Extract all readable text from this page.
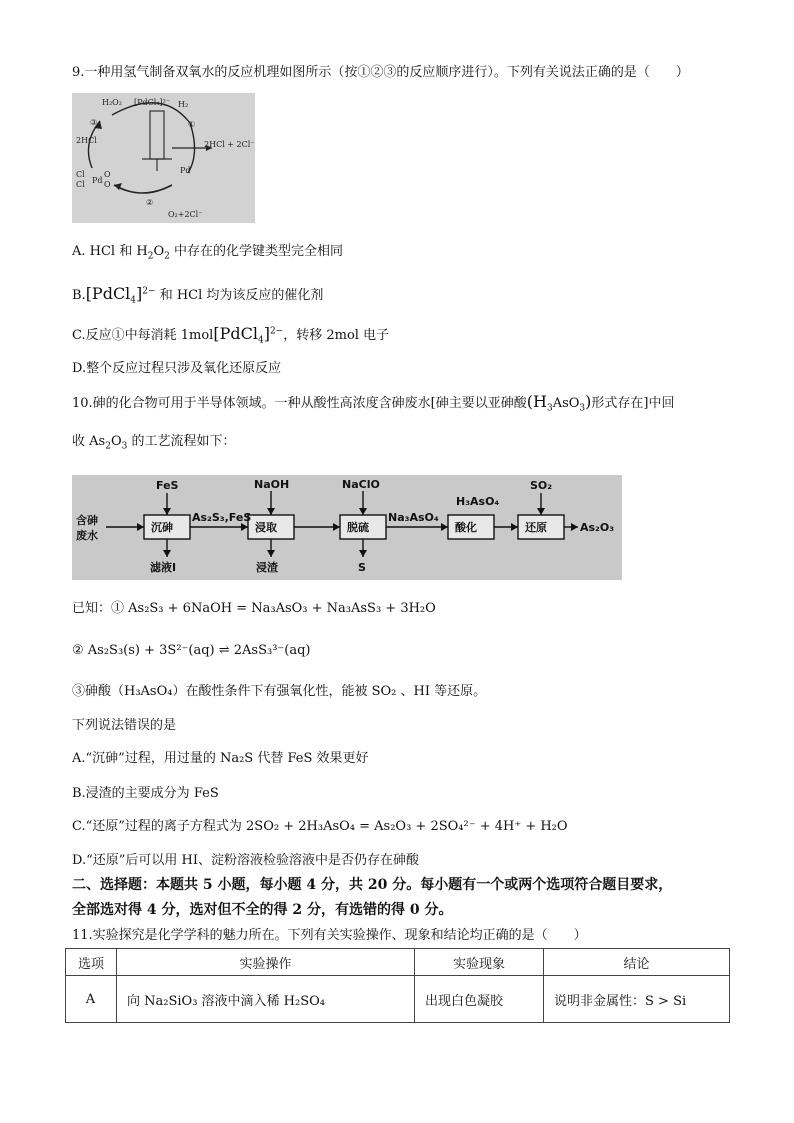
9.一种用氢气制备双氧水的反应机理如图所示（按①②③的反应顺序进行）。下列有关说法正确的是（　　）
H₂O₂ [PdCl₄]²⁻ H₂
③	①
2HCl	2HCl + 2Cl⁻
Pd
Cl
Cl Pd
O
O
②
O₂+2Cl⁻
A. HCl 和 $H_2O_2$ 中存在的化学键类型完全相同
B.[PdCl$_4$]$^{2-}$ 和 HCl 均为该反应的催化剂
C.反应①中每消耗 1mol[PdCl$_4$]$^{2-}$，转移 2mol 电子
D.整个反应过程只涉及氧化还原反应
10.砷的化合物可用于半导体领域。一种从酸性高浓度含砷废水[砷主要以亚砷酸$(H_3AsO_3)$形式存在]中回
收 $As_2O_3$ 的工艺流程如下：
含砷
废水
FeS
沉砷
As₂S₃,FeS
滤液Ⅰ
NaOH
浸取
浸渣
NaClO
脱硫
S
Na₃AsO₄
酸化
H₃AsO₄
SO₂
还原	As₂O₃
已知：① As₂S₃ + 6NaOH = Na₃AsO₃ + Na₃AsS₃ + 3H₂O
② As₂S₃(s) + 3S²⁻(aq) ⇌ 2AsS₃³⁻(aq)
③砷酸（H₃AsO₄）在酸性条件下有强氧化性，能被 SO₂ 、HI 等还原。
下列说法错误的是
A.“沉砷”过程，用过量的 Na₂S 代替 FeS 效果更好
B.浸渣的主要成分为 FeS
C.“还原”过程的离子方程式为 2SO₂ + 2H₃AsO₄ = As₂O₃ + 2SO₄²⁻ + 4H⁺ + H₂O
D.“还原”后可以用 HI、淀粉溶液检验溶液中是否仍存在砷酸
二、选择题：本题共 5 小题，每小题 4 分，共 20 分。每小题有一个或两个选项符合题目要求，
全部选对得 4 分，选对但不全的得 2 分，有选错的得 0 分。
11.实验探究是化学学科的魅力所在。下列有关实验操作、现象和结论均正确的是（　　）
选项	实验操作	实验现象	结论
A	向 Na₂SiO₃ 溶液中滴入稀 H₂SO₄	出现白色凝胶	说明非金属性：S > Si
